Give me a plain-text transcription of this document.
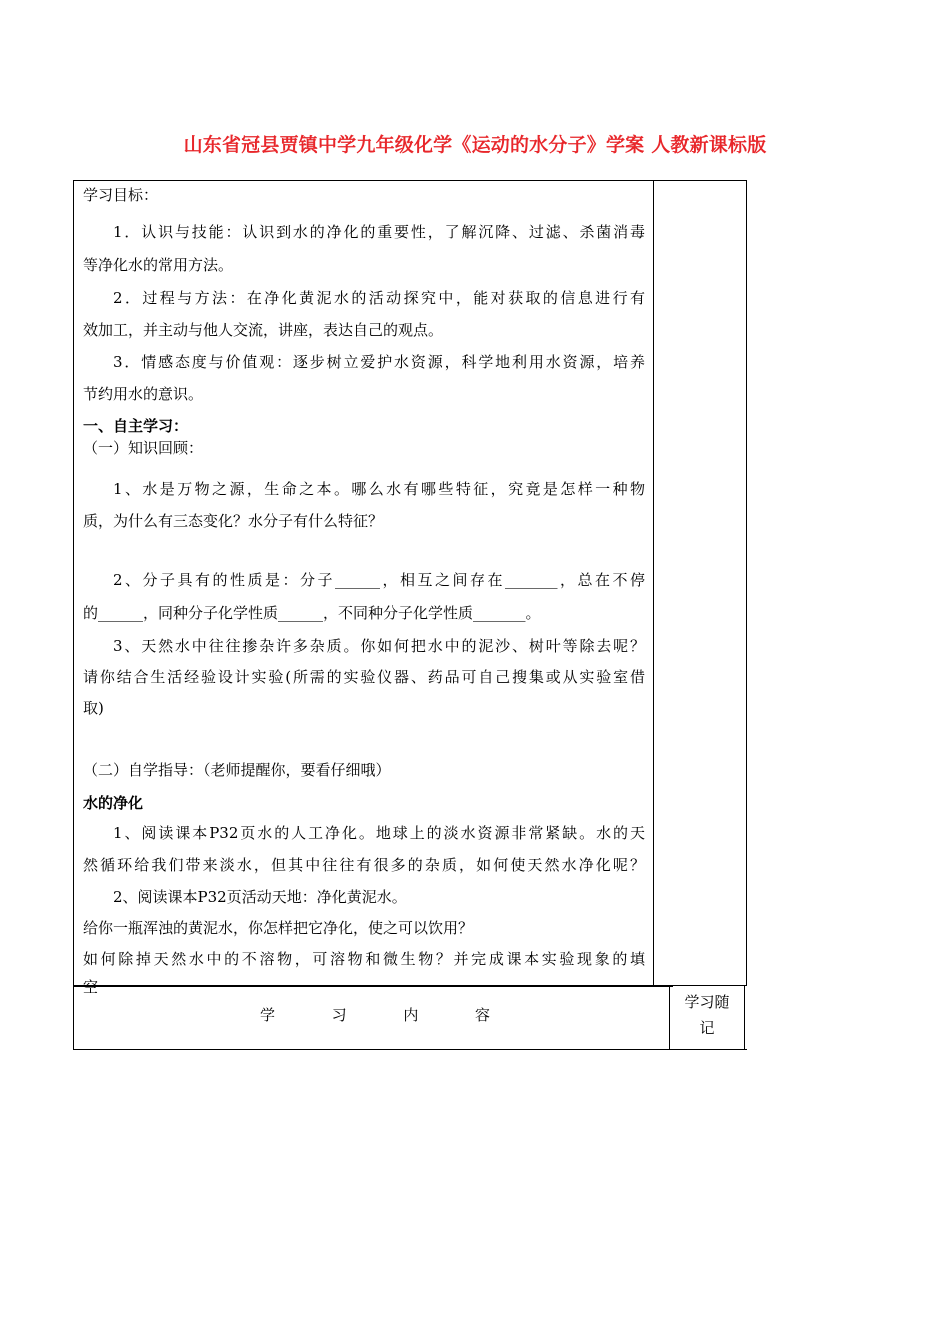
山东省冠县贾镇中学九年级化学《运动的水分子》学案 人教新课标版
学习目标：
1．认识与技能：认识到水的净化的重要性，了解沉降、过滤、杀菌消毒
等净化水的常用方法。
2．过程与方法：在净化黄泥水的活动探究中，能对获取的信息进行有
效加工，并主动与他人交流，讲座，表达自己的观点。
3．情感态度与价值观：逐步树立爱护水资源，科学地利用水资源，培养
节约用水的意识。
一、自主学习：
（一）知识回顾：
1、水是万物之源，生命之本。哪么水有哪些特征，究竟是怎样一种物
质，为什么有三态变化？水分子有什么特征？
2、分子具有的性质是：分子______，相互之间存在_______，总在不停
的______，同种分子化学性质______，不同种分子化学性质_______。
3、天然水中往往掺杂许多杂质。你如何把水中的泥沙、树叶等除去呢？
请你结合生活经验设计实验(所需的实验仪器、药品可自己搜集或从实验室借
取)
（二）自学指导：（老师提醒你，要看仔细哦）
水的净化
1、阅读课本P32页水的人工净化。地球上的淡水资源非常紧缺。水的天
然循环给我们带来淡水，但其中往往有很多的杂质，如何使天然水净化呢？
2、阅读课本P32页活动天地：净化黄泥水。
给你一瓶浑浊的黄泥水，你怎样把它净化，使之可以饮用？
如何除掉天然水中的不溶物，可溶物和微生物？并完成课本实验现象的填
空
学	习	内	容
学习随
记
